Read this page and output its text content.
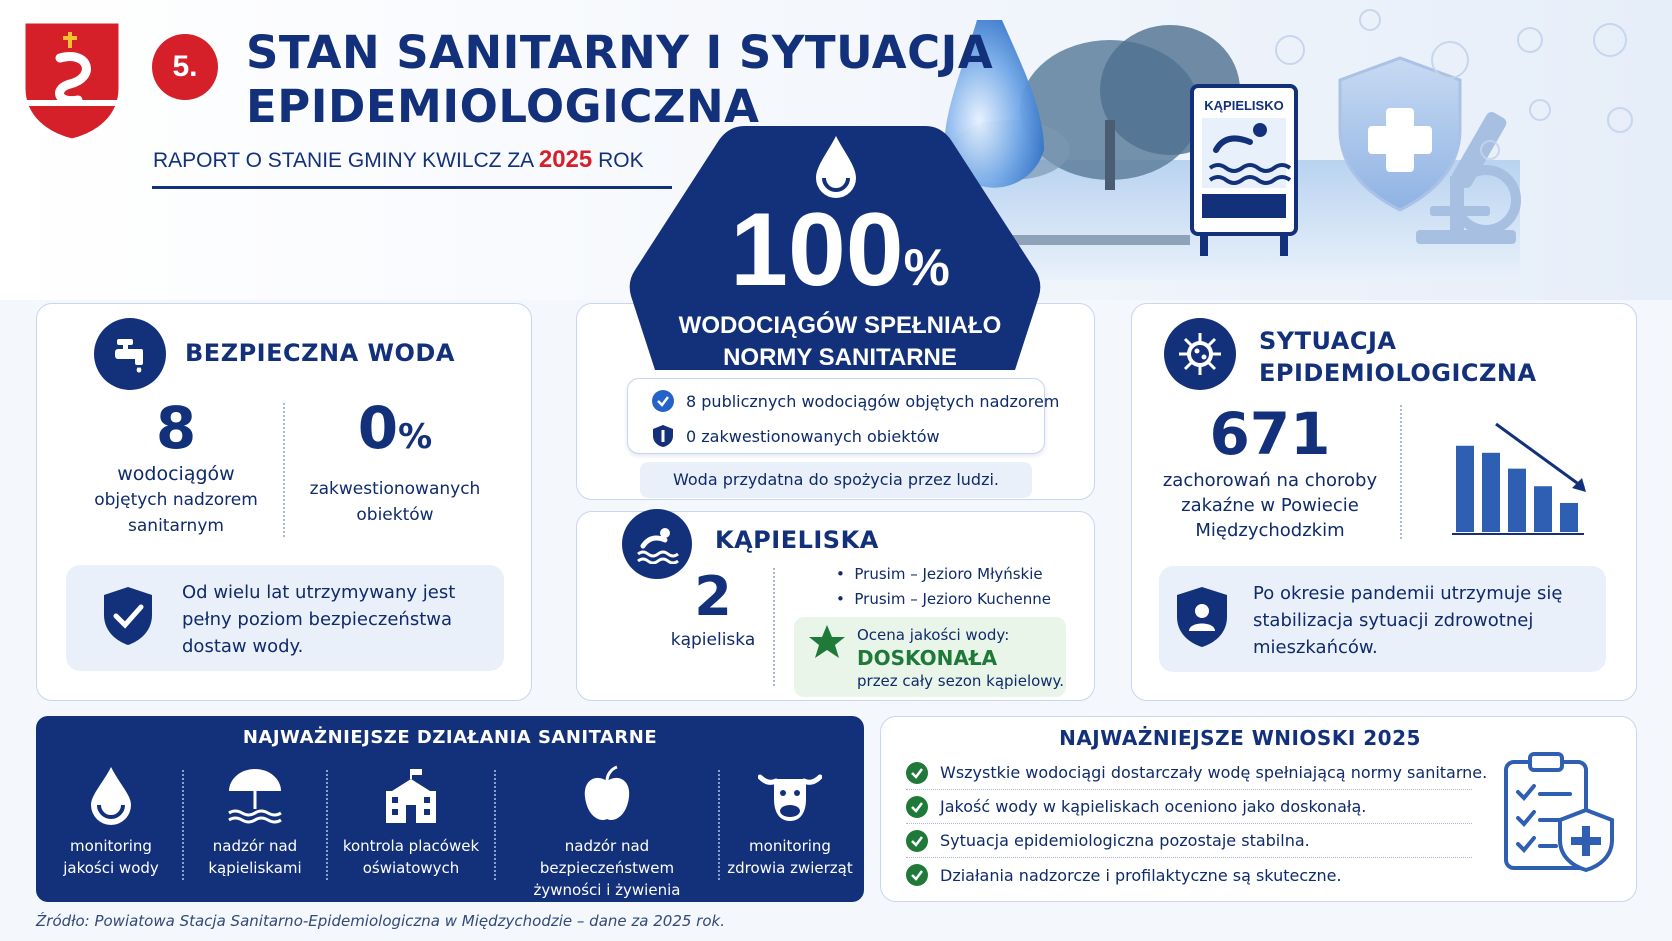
KĄPIELISKO
5. STAN SANITARNY I SYTUACJA
EPIDEMIOLOGICZNA
RAPORT O STANIE GMINY KWILCZ ZA 2025 ROK
BEZPIECZNA WODA
8
wodociągów
objętych nadzorem
sanitarnym
0%
zakwestionowanych
obiektów
Od wielu lat utrzymywany jest
pełny poziom bezpieczeństwa
dostaw wody.
100%
WODOCIĄGÓW SPEŁNIAŁO
NORMY SANITARNE
8 publicznych wodociągów objętych nadzorem
0 zakwestionowanych obiektów
Woda przydatna do spożycia przez ludzi.
KĄPIELISKA
2
kąpieliska
•  Prusim – Jezioro Młyńskie
•  Prusim – Jezioro Kuchenne
Ocena jakości wody:
DOSKONAŁA
przez cały sezon kąpielowy.
SYTUACJA
EPIDEMIOLOGICZNA
671
zachorowań na choroby
zakaźne w Powiecie
Międzychodzkim
Po okresie pandemii utrzymuje się
stabilizacja sytuacji zdrowotnej
mieszkańców.
NAJWAŻNIEJSZE DZIAŁANIA SANITARNE
monitoring
jakości wody
nadzór nad
kąpieliskami
kontrola placówek
oświatowych
nadzór nad bezpieczeństwem
żywności i żywienia
monitoring
zdrowia zwierząt
NAJWAŻNIEJSZE WNIOSKI 2025
Wszystkie wodociągi dostarczały wodę spełniającą normy sanitarne.
Jakość wody w kąpieliskach oceniono jako doskonałą.
Sytuacja epidemiologiczna pozostaje stabilna.
Działania nadzorcze i profilaktyczne są skuteczne.
Źródło: Powiatowa Stacja Sanitarno-Epidemiologiczna w Międzychodzie – dane za 2025 rok.
